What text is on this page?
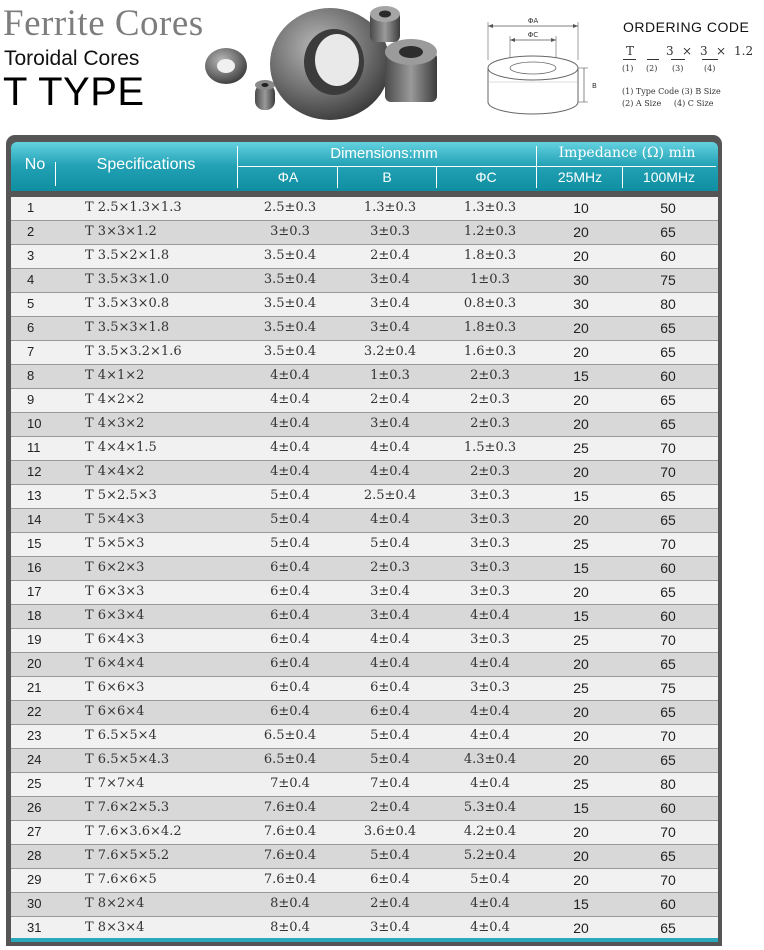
Ferrite Cores
Toroidal Cores
T TYPE
ΦA
ΦC
B
ORDERING CODE
T	3 × 3 × 1.2
(1) (2) (3)	(4)
(1) Type Code (3) B Size
(2) A Size     (4) C Size
No	Specifications
Dimensions:mm	Impedance (Ω) min
ΦA	B	ΦC	25MHz	100MHz
1	T 2.5×1.3×1.3	2.5±0.3	1.3±0.3	1.3±0.3	10	50
2	T 3×3×1.2	3±0.3	3±0.3	1.2±0.3	20	65
3	T 3.5×2×1.8	3.5±0.4	2±0.4	1.8±0.3	20	60
4	T 3.5×3×1.0	3.5±0.4	3±0.4	1±0.3	30	75
5	T 3.5×3×0.8	3.5±0.4	3±0.4	0.8±0.3	30	80
6	T 3.5×3×1.8	3.5±0.4	3±0.4	1.8±0.3	20	65
7	T 3.5×3.2×1.6	3.5±0.4	3.2±0.4	1.6±0.3	20	65
8	T 4×1×2	4±0.4	1±0.3	2±0.3	15	60
9	T 4×2×2	4±0.4	2±0.4	2±0.3	20	65
10	T 4×3×2	4±0.4	3±0.4	2±0.3	20	65
11	T 4×4×1.5	4±0.4	4±0.4	1.5±0.3	25	70
12	T 4×4×2	4±0.4	4±0.4	2±0.3	20	70
13	T 5×2.5×3	5±0.4	2.5±0.4	3±0.3	15	65
14	T 5×4×3	5±0.4	4±0.4	3±0.3	20	65
15	T 5×5×3	5±0.4	5±0.4	3±0.3	25	70
16	T 6×2×3	6±0.4	2±0.3	3±0.3	15	60
17	T 6×3×3	6±0.4	3±0.4	3±0.3	20	65
18	T 6×3×4	6±0.4	3±0.4	4±0.4	15	60
19	T 6×4×3	6±0.4	4±0.4	3±0.3	25	70
20	T 6×4×4	6±0.4	4±0.4	4±0.4	20	65
21	T 6×6×3	6±0.4	6±0.4	3±0.3	25	75
22	T 6×6×4	6±0.4	6±0.4	4±0.4	20	65
23	T 6.5×5×4	6.5±0.4	5±0.4	4±0.4	20	70
24	T 6.5×5×4.3	6.5±0.4	5±0.4	4.3±0.4	20	65
25	T 7×7×4	7±0.4	7±0.4	4±0.4	25	80
26	T 7.6×2×5.3	7.6±0.4	2±0.4	5.3±0.4	15	60
27	T 7.6×3.6×4.2	7.6±0.4	3.6±0.4	4.2±0.4	20	70
28	T 7.6×5×5.2	7.6±0.4	5±0.4	5.2±0.4	20	65
29	T 7.6×6×5	7.6±0.4	6±0.4	5±0.4	20	70
30	T 8×2×4	8±0.4	2±0.4	4±0.4	15	60
31	T 8×3×4	8±0.4	3±0.4	4±0.4	20	65
